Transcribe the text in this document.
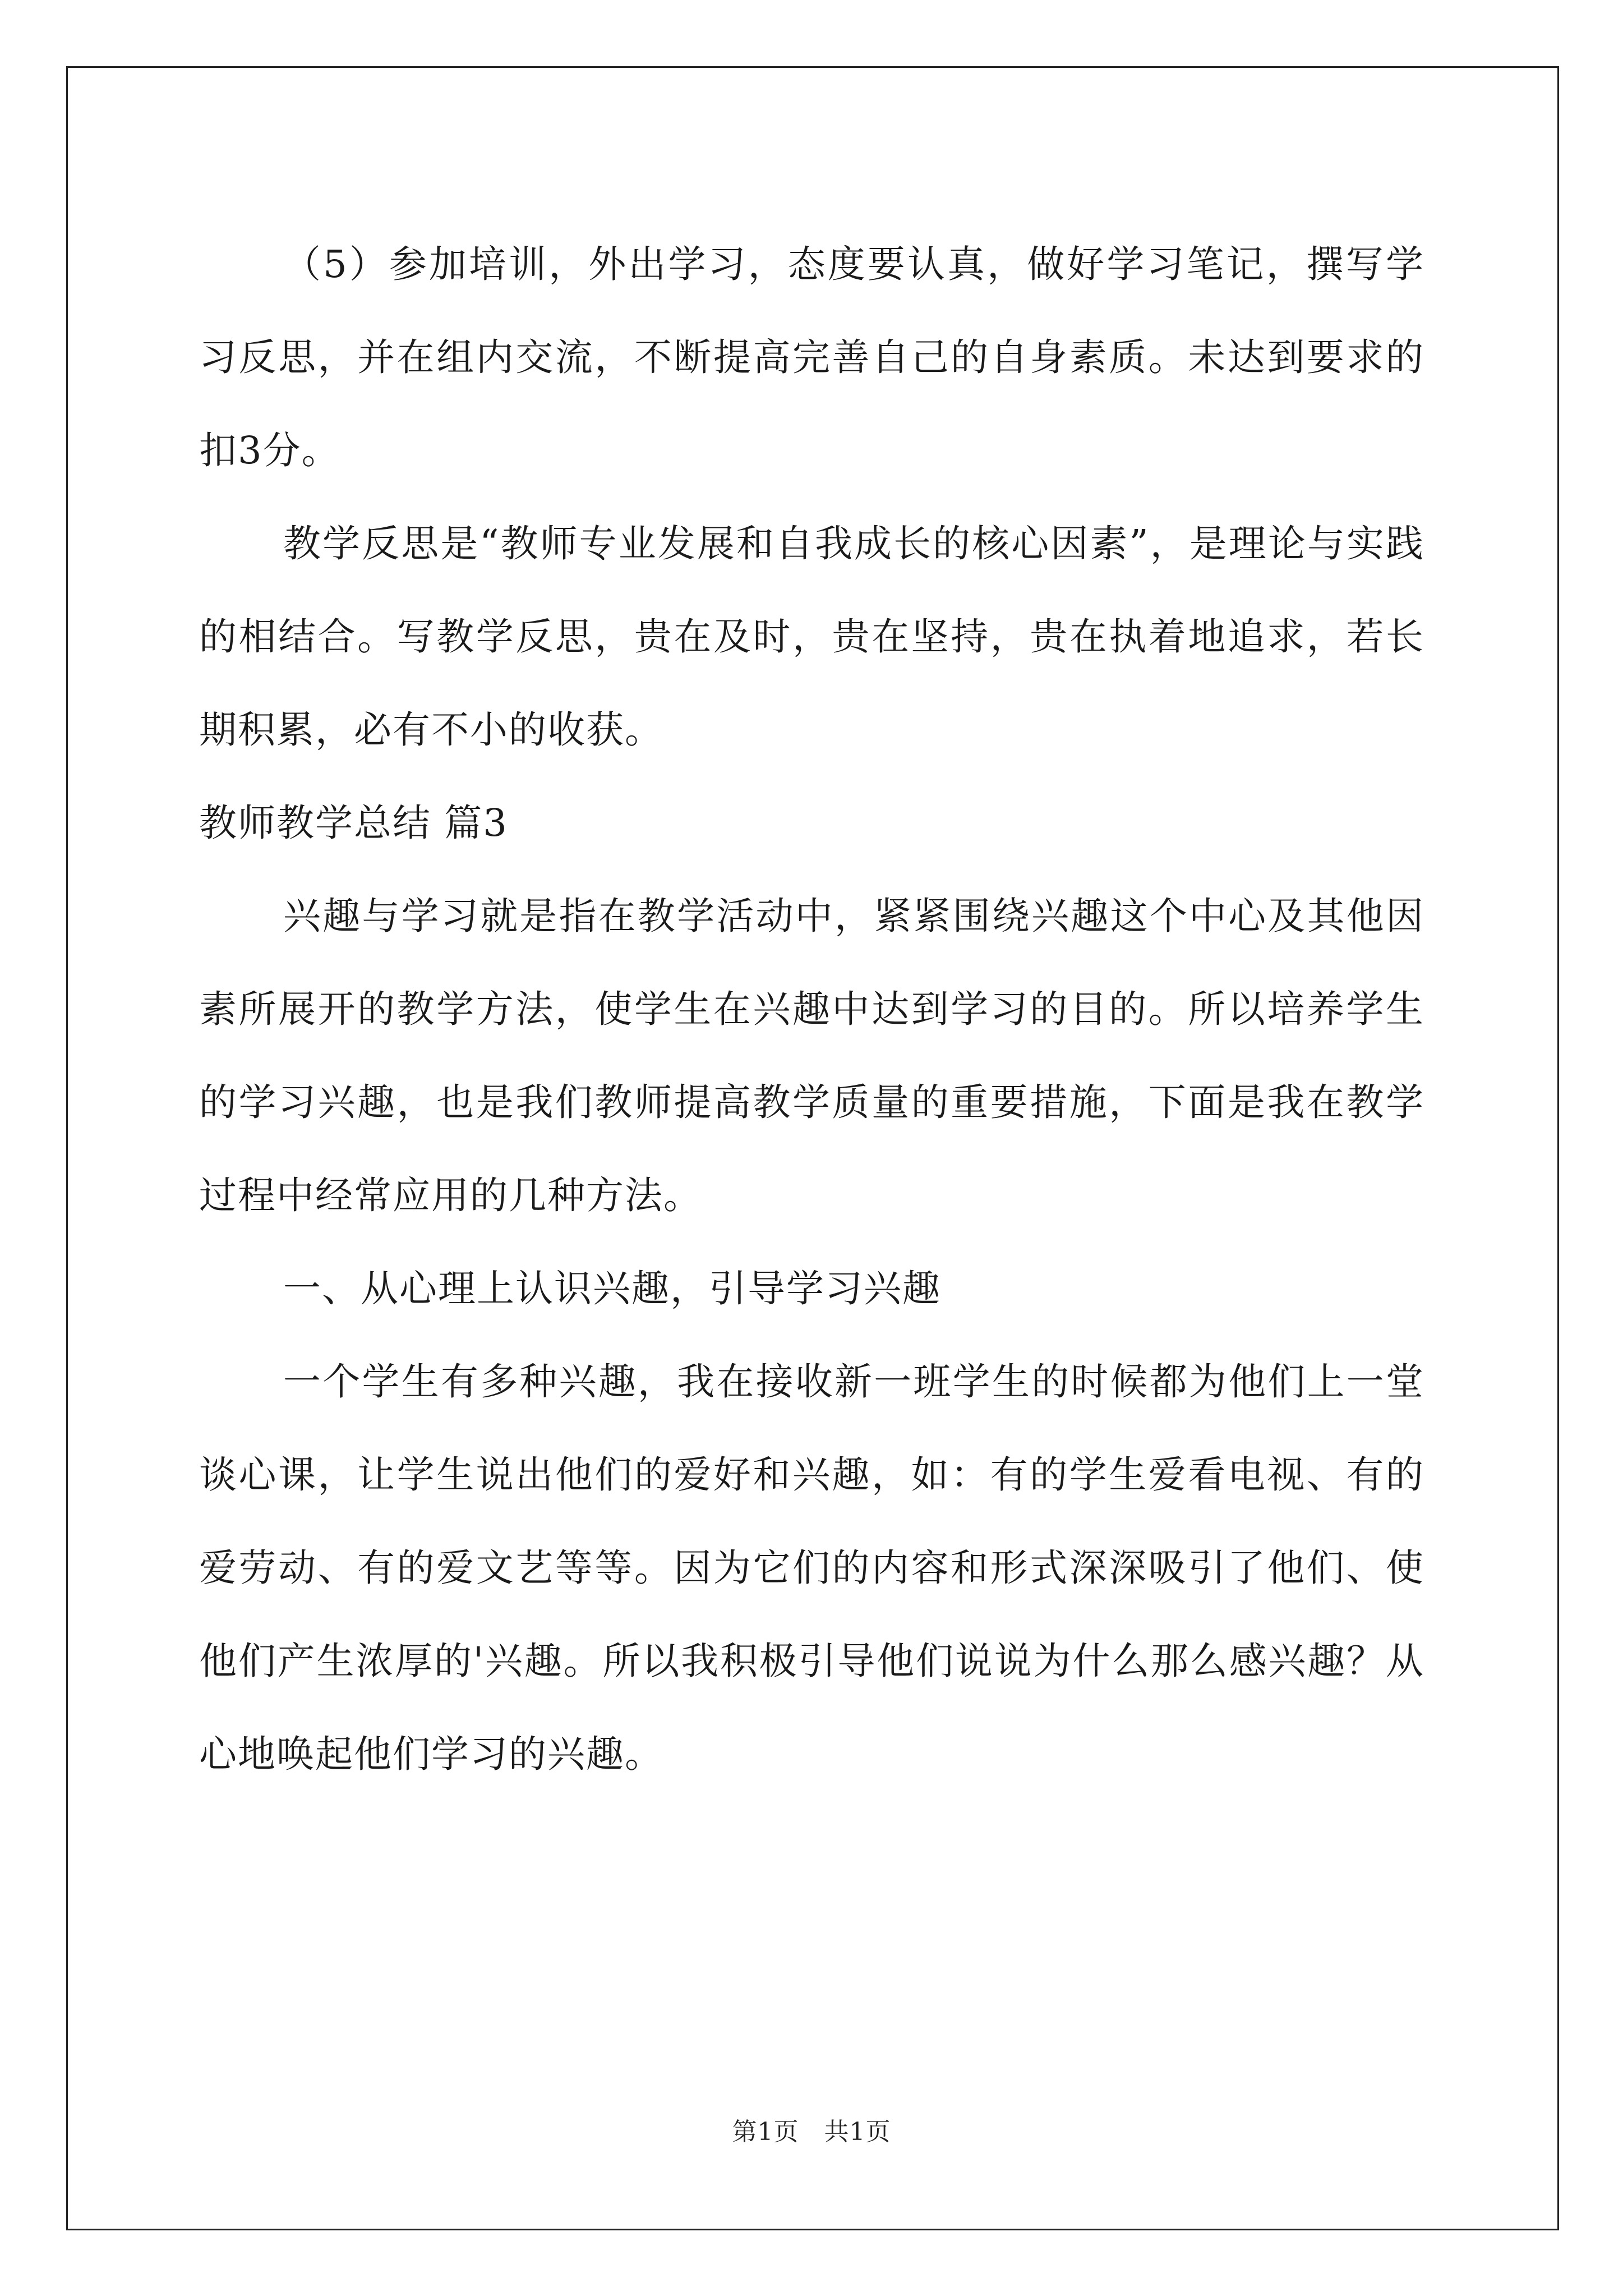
（5）参加培训，外出学习，态度要认真，做好学习笔记，撰写学习反思，并在组内交流，不断提高完善自己的自身素质。未达到要求的扣3分。

教学反思是“教师专业发展和自我成长的核心因素”，是理论与实践的相结合。写教学反思，贵在及时，贵在坚持，贵在执着地追求，若长期积累，必有不小的收获。

教师教学总结 篇3

兴趣与学习就是指在教学活动中，紧紧围绕兴趣这个中心及其他因素所展开的教学方法，使学生在兴趣中达到学习的目的。所以培养学生的学习兴趣，也是我们教师提高教学质量的重要措施，下面是我在教学过程中经常应用的几种方法。

一、从心理上认识兴趣，引导学习兴趣

一个学生有多种兴趣，我在接收新一班学生的时候都为他们上一堂谈心课，让学生说出他们的爱好和兴趣，如：有的学生爱看电视、有的爱劳动、有的爱文艺等等。因为它们的内容和形式深深吸引了他们、使他们产生浓厚的'兴趣。所以我积极引导他们说说为什么那么感兴趣？从心地唤起他们学习的兴趣。

第1页　共1页
